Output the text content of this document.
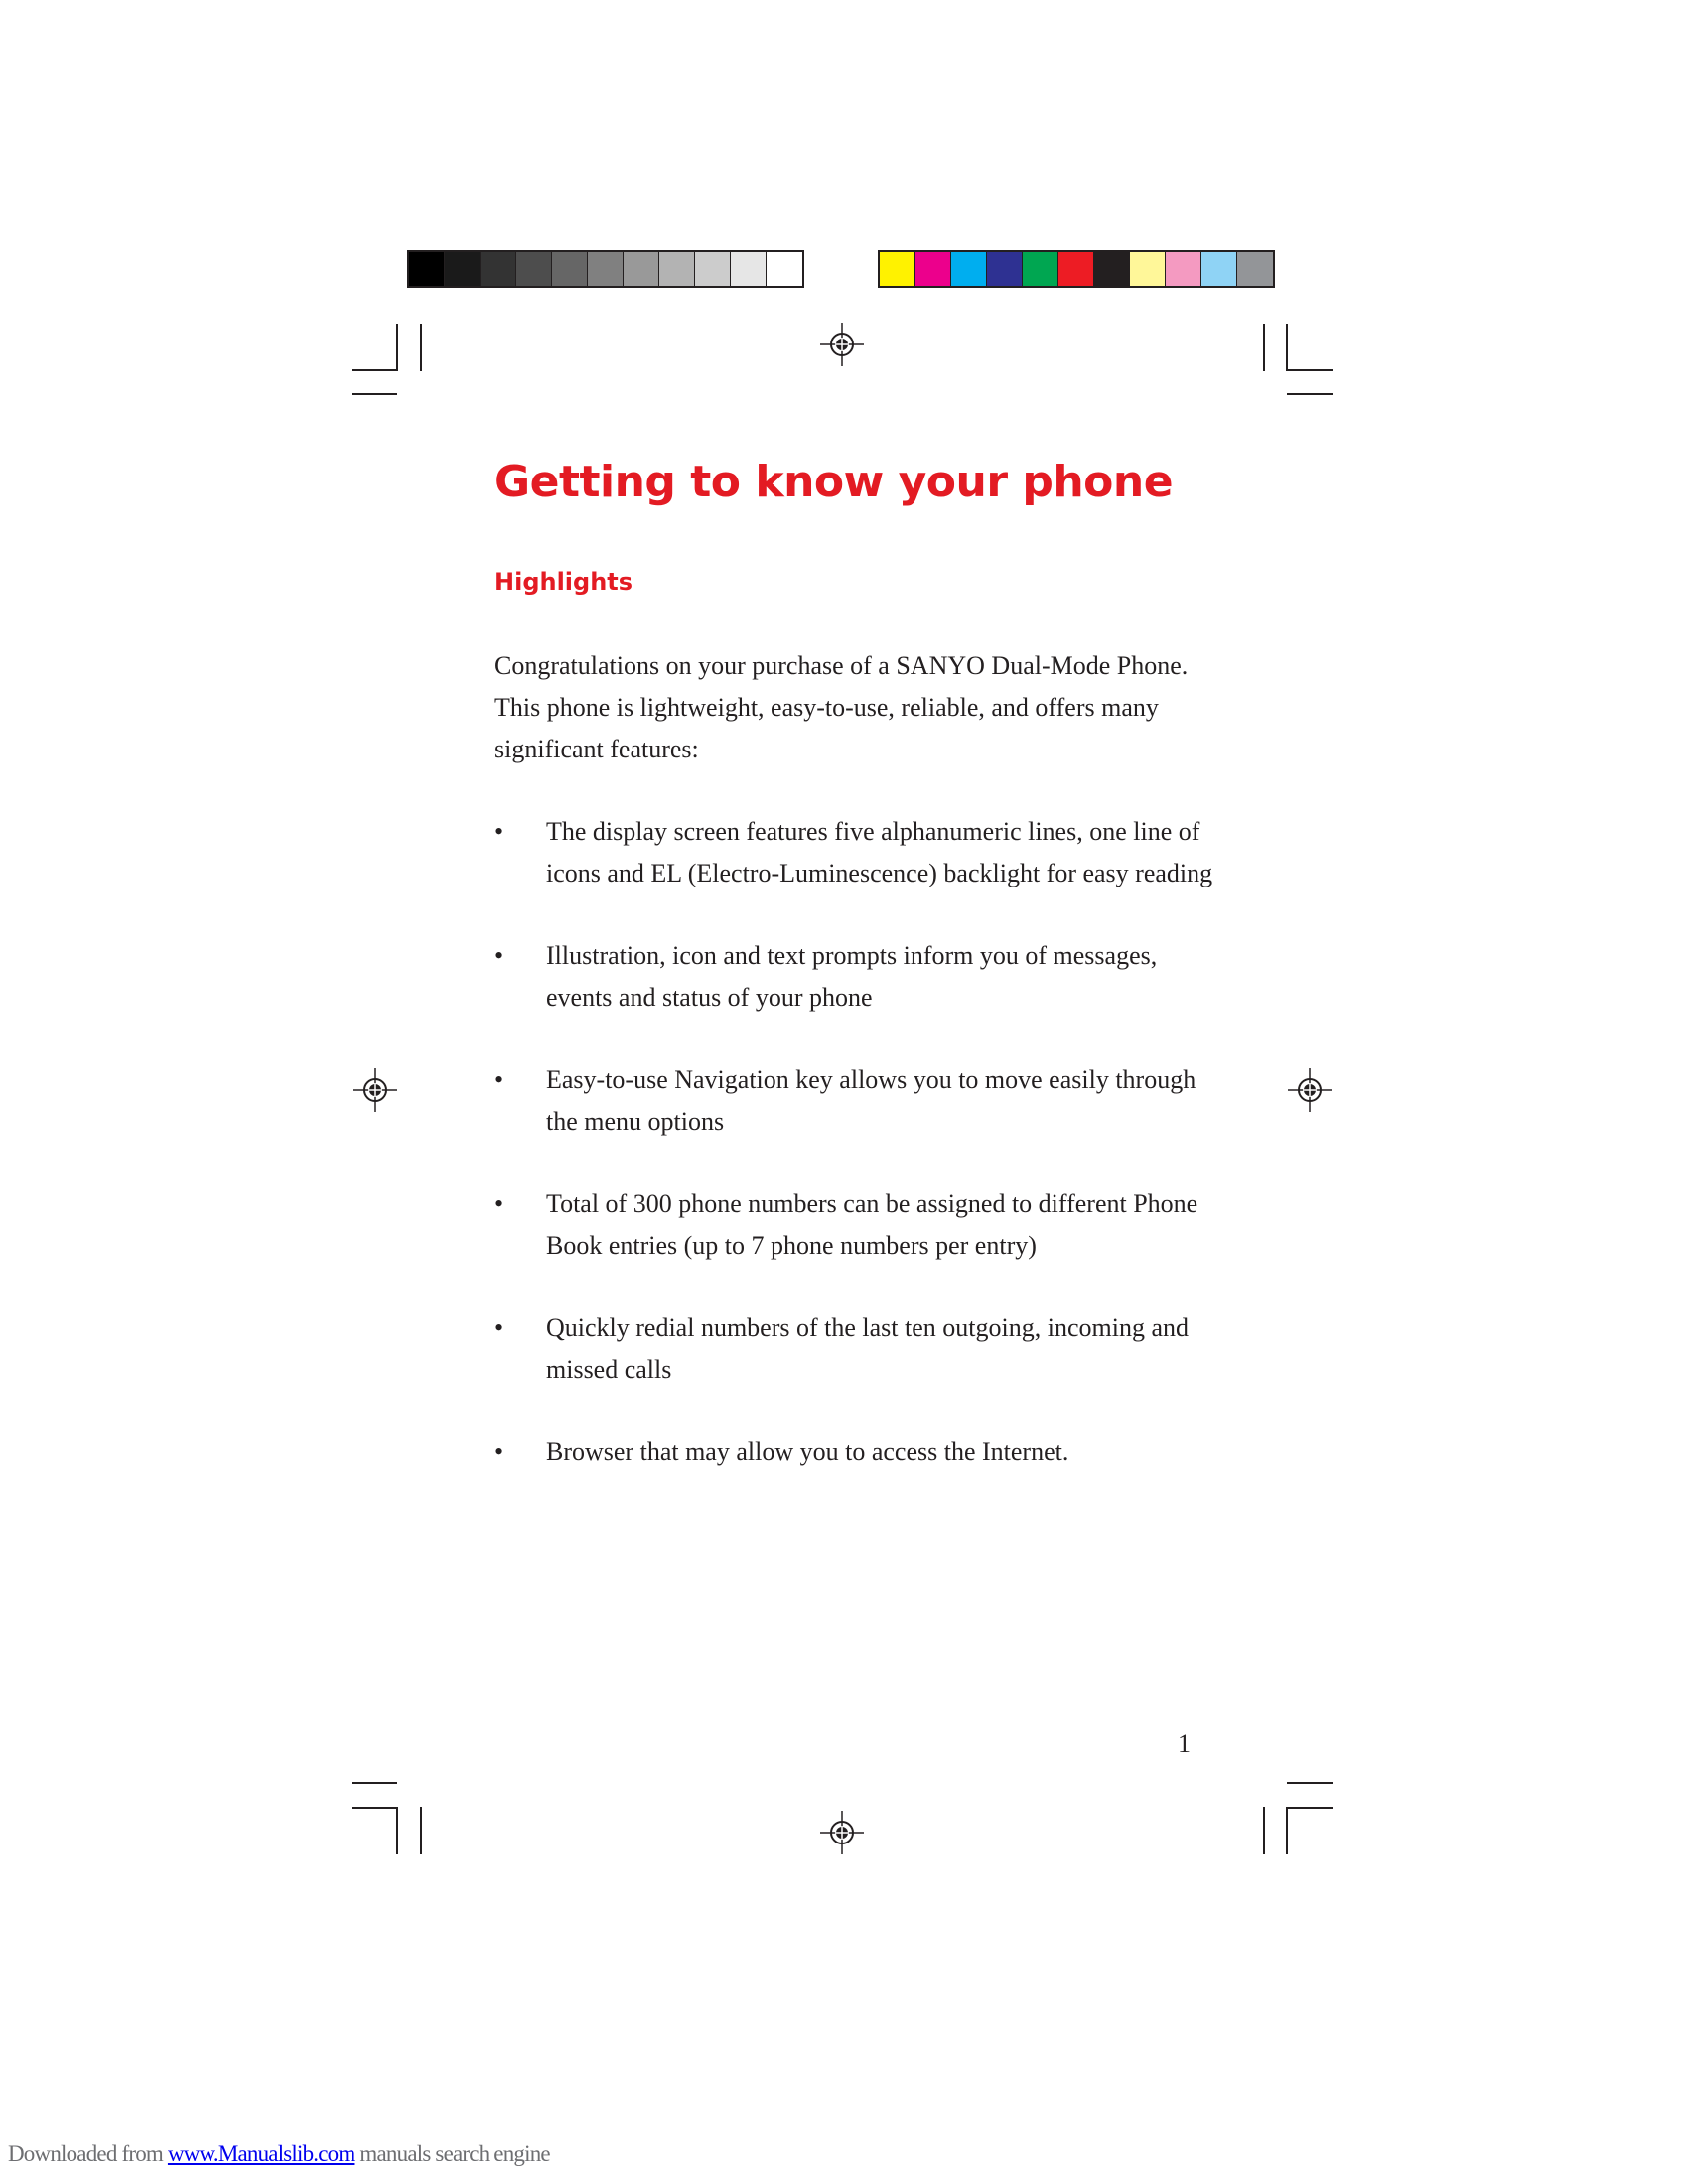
Getting to know your phone
Highlights

Congratulations on your purchase of a SANYO Dual-Mode Phone. This phone is lightweight, easy-to-use, reliable, and offers many significant features:

• The display screen features five alphanumeric lines, one line of icons and EL (Electro-Luminescence) backlight for easy reading
• Illustration, icon and text prompts inform you of messages, events and status of your phone
• Easy-to-use Navigation key allows you to move easily through the menu options
• Total of 300 phone numbers can be assigned to different Phone Book entries (up to 7 phone numbers per entry)
• Quickly redial numbers of the last ten outgoing, incoming and missed calls
• Browser that may allow you to access the Internet.
1
Downloaded from www.Manualslib.com manuals search engine
